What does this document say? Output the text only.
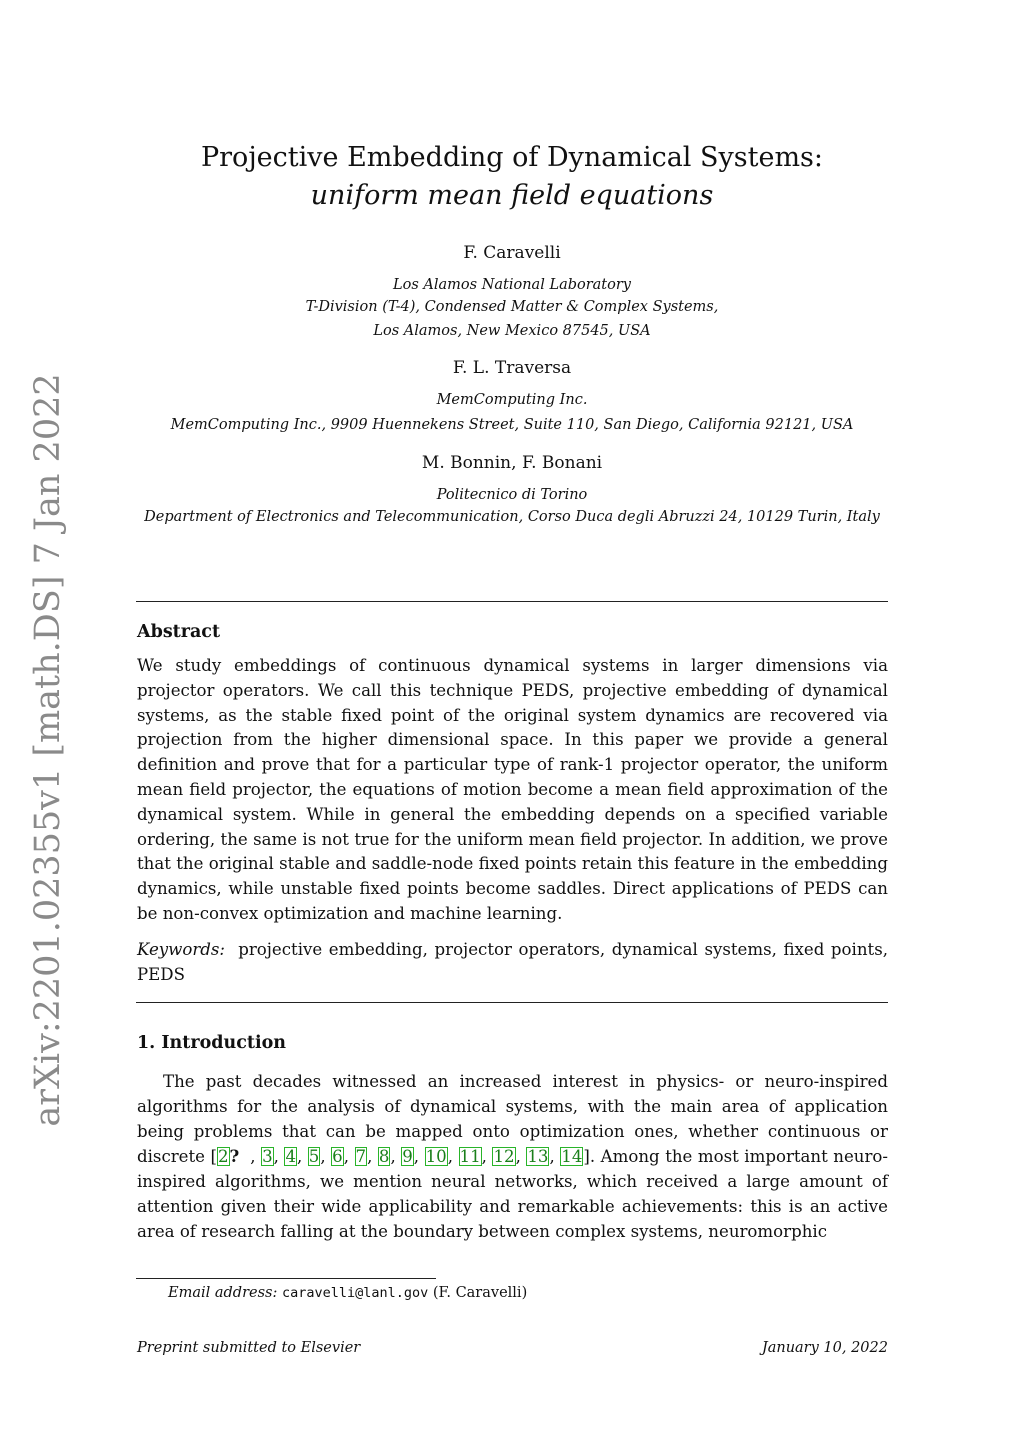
arXiv:2201.02355v1 [math.DS] 7 Jan 2022
Projective Embedding of Dynamical Systems:
uniform mean field equations
F. Caravelli
Los Alamos National Laboratory
T-Division (T-4), Condensed Matter & Complex Systems,
Los Alamos, New Mexico 87545, USA
F. L. Traversa
MemComputing Inc.
MemComputing Inc., 9909 Huennekens Street, Suite 110, San Diego, California 92121, USA
M. Bonnin, F. Bonani
Politecnico di Torino
Department of Electronics and Telecommunication, Corso Duca degli Abruzzi 24, 10129 Turin, Italy
Abstract
We study embeddings of continuous dynamical systems in larger dimensions via projector operators. We call this technique PEDS, projective embedding of dynamical systems, as the stable fixed point of the original system dynamics are recovered via projection from the higher dimensional space. In this paper we provide a general definition and prove that for a particular type of rank-1 projector operator, the uniform mean field projector, the equations of motion become a mean field approximation of the dynamical system. While in general the embedding depends on a specified variable ordering, the same is not true for the uniform mean field projector. In addition, we prove that the original stable and saddle-node fixed points retain this feature in the embedding dynamics, while unstable fixed points become saddles. Direct applications of PEDS can be non-convex optimization and machine learning.
Keywords: projective embedding, projector operators, dynamical systems, fixed points, PEDS
1. Introduction
The past decades witnessed an increased interest in physics- or neuro-inspired algorithms for the analysis of dynamical systems, with the main area of application being problems that can be mapped onto optimization ones, whether continuous or discrete [2?  , 3, 4, 5, 6, 7, 8, 9, 10, 11, 12, 13, 14]. Among the most important neuro-inspired algorithms, we mention neural networks, which received a large amount of attention given their wide applicability and remarkable achievements: this is an active area of research falling at the boundary between complex systems, neuromorphic
Email address: caravelli@lanl.gov (F. Caravelli)
Preprint submitted to Elsevier	January 10, 2022
